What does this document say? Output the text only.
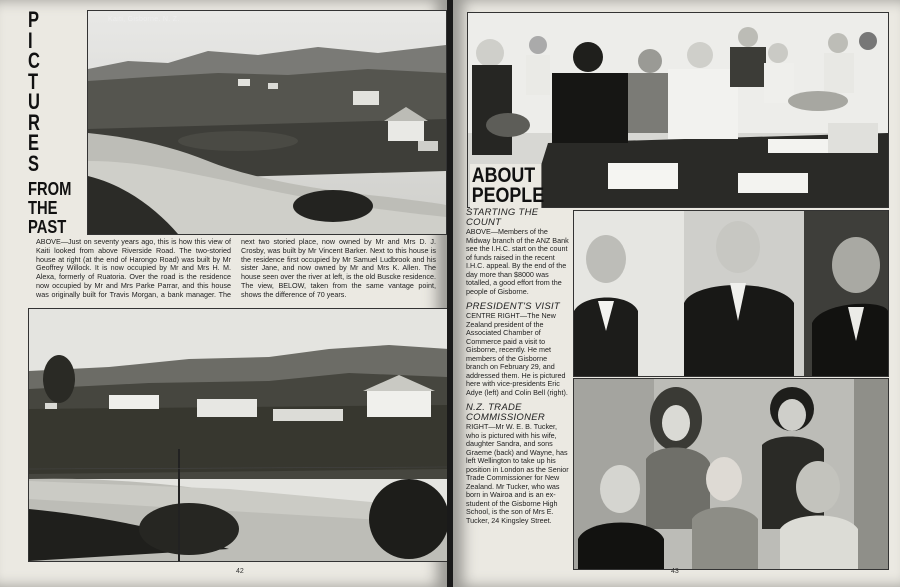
P
I
C
T
U
R
E
S
FROM
THE
PAST
Kaiti, Gisborne. N. Z.
ABOVE—Just on seventy years ago, this is how this view of Kaiti looked from above Riverside Road. The two-storied house at right (at the end of Harongo Road) was built by Mr Geoffrey Willock. It is now occupied by Mr and Mrs H. M. Alexa, formerly of Ruatoria. Over the road is the residence now occupied by Mr and Mrs Parke Parrar, and this house was originally built for Travis Morgan, a bank manager. The next two storied place, now owned by Mr and Mrs D. J. Crosby, was built by Mr Vincent Barker. Next to this house is the residence first occupied by Mr Samuel Ludbrook and his sister Jane, and now owned by Mr and Mrs K. Allen. The house seen over the river at left, is the old Buscke residence. The view, BELOW, taken from the same vantage point, shows the difference of 70 years.
42	43
ABOUT
PEOPLE
STARTING THE COUNT
ABOVE—Members of the Midway branch of the ANZ Bank see the I.H.C. start on the count of funds raised in the recent I.H.C. appeal. By the end of the day more than $8000 was totalled, a good effort from the people of Gisborne.
PRESIDENT'S VISIT
CENTRE RIGHT—The New Zealand president of the Associated Chamber of Commerce paid a visit to Gisborne, recently. He met members of the Gisborne branch on February 29, and addressed them. He is pictured here with vice-presidents Eric Adye (left) and Colin Bell (right).
N.Z. TRADE COMMISSIONER
RIGHT—Mr W. E. B. Tucker, who is pictured with his wife, daughter Sandra, and sons Graeme (back) and Wayne, has left Wellington to take up his position in London as the Senior Trade Commissioner for New Zealand. Mr Tucker, who was born in Wairoa and is an ex-student of the Gisborne High School, is the son of Mrs E. Tucker, 24 Kingsley Street.
